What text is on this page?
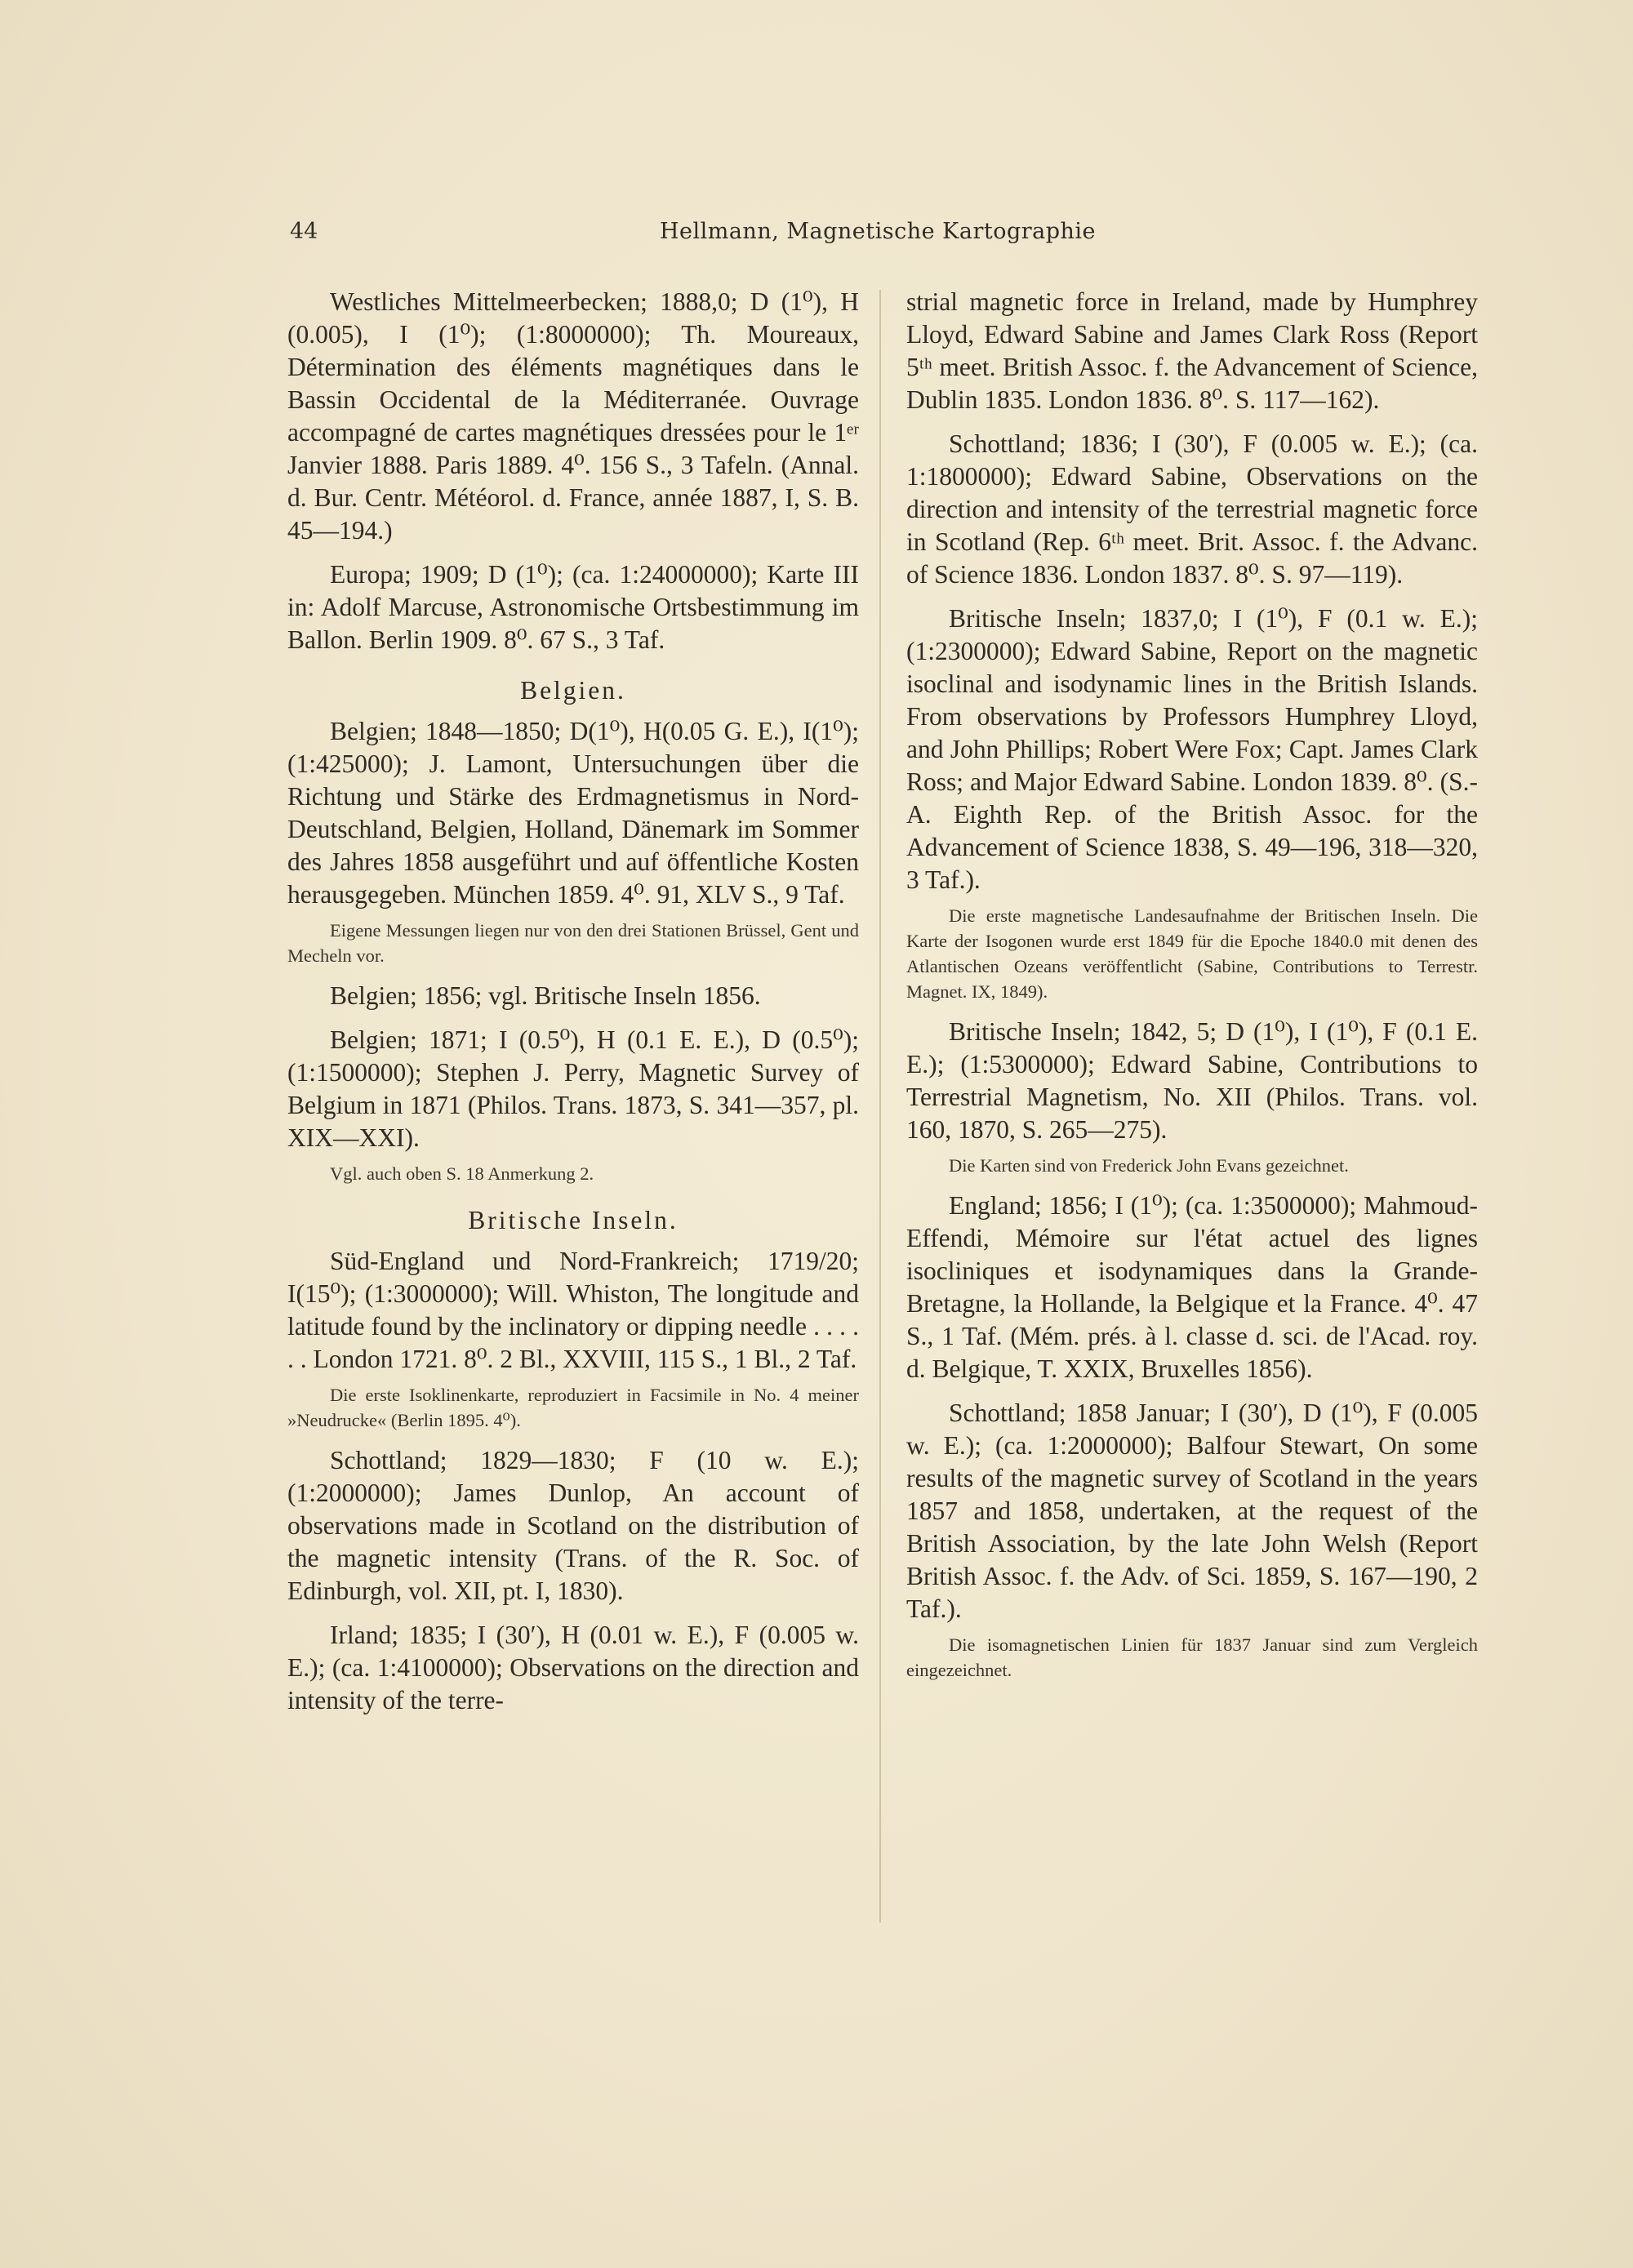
44	Hellmann, Magnetische Kartographie

Westliches Mittelmeerbecken; 1888,0; D (1⁰), H (0.005), I (1⁰); (1:8000000); Th. Moureaux, Détermination des éléments magnétiques dans le Bassin Occidental de la Méditerranée. Ouvrage accompagné de cartes magnétiques dressées pour le 1ᵉʳ Janvier 1888. Paris 1889. 4⁰. 156 S., 3 Tafeln. (Annal. d. Bur. Centr. Météorol. d. France, année 1887, I, S. B. 45—194.)

Europa; 1909; D (1⁰); (ca. 1:24000000); Karte III in: Adolf Marcuse, Astronomische Ortsbestimmung im Ballon. Berlin 1909. 8⁰. 67 S., 3 Taf.

Belgien.

Belgien; 1848—1850; D(1⁰), H(0.05 G. E.), I(1⁰); (1:425000); J. Lamont, Untersuchungen über die Richtung und Stärke des Erdmagnetismus in Nord-Deutschland, Belgien, Holland, Dänemark im Sommer des Jahres 1858 ausgeführt und auf öffentliche Kosten herausgegeben. München 1859. 4⁰. 91, XLV S., 9 Taf.

Eigene Messungen liegen nur von den drei Stationen Brüssel, Gent und Mecheln vor.

Belgien; 1856; vgl. Britische Inseln 1856.

Belgien; 1871; I (0.5⁰), H (0.1 E. E.), D (0.5⁰); (1:1500000); Stephen J. Perry, Magnetic Survey of Belgium in 1871 (Philos. Trans. 1873, S. 341—357, pl. XIX—XXI).

Vgl. auch oben S. 18 Anmerkung 2.

Britische Inseln.

Süd-England und Nord-Frankreich; 1719/20; I(15⁰); (1:3000000); Will. Whiston, The longitude and latitude found by the inclinatory or dipping needle . . . . . . London 1721. 8⁰. 2 Bl., XXVIII, 115 S., 1 Bl., 2 Taf.

Die erste Isoklinenkarte, reproduziert in Facsimile in No. 4 meiner »Neudrucke« (Berlin 1895. 4⁰).

Schottland; 1829—1830; F (10 w. E.); (1:2000000); James Dunlop, An account of observations made in Scotland on the distribution of the magnetic intensity (Trans. of the R. Soc. of Edinburgh, vol. XII, pt. I, 1830).

Irland; 1835; I (30′), H (0.01 w. E.), F (0.005 w. E.); (ca. 1:4100000); Observations on the direction and intensity of the terre-

strial magnetic force in Ireland, made by Humphrey Lloyd, Edward Sabine and James Clark Ross (Report 5ᵗʰ meet. British Assoc. f. the Advancement of Science, Dublin 1835. London 1836. 8⁰. S. 117—162).

Schottland; 1836; I (30′), F (0.005 w. E.); (ca. 1:1800000); Edward Sabine, Observations on the direction and intensity of the terrestrial magnetic force in Scotland (Rep. 6ᵗʰ meet. Brit. Assoc. f. the Advanc. of Science 1836. London 1837. 8⁰. S. 97—119).

Britische Inseln; 1837,0; I (1⁰), F (0.1 w. E.); (1:2300000); Edward Sabine, Report on the magnetic isoclinal and isodynamic lines in the British Islands. From observations by Professors Humphrey Lloyd, and John Phillips; Robert Were Fox; Capt. James Clark Ross; and Major Edward Sabine. London 1839. 8⁰. (S.-A. Eighth Rep. of the British Assoc. for the Advancement of Science 1838, S. 49—196, 318—320, 3 Taf.).

Die erste magnetische Landesaufnahme der Britischen Inseln. Die Karte der Isogonen wurde erst 1849 für die Epoche 1840.0 mit denen des Atlantischen Ozeans veröffentlicht (Sabine, Contributions to Terrestr. Magnet. IX, 1849).

Britische Inseln; 1842, 5; D (1⁰), I (1⁰), F (0.1 E. E.); (1:5300000); Edward Sabine, Contributions to Terrestrial Magnetism, No. XII (Philos. Trans. vol. 160, 1870, S. 265—275).

Die Karten sind von Frederick John Evans gezeichnet.

England; 1856; I (1⁰); (ca. 1:3500000); Mahmoud-Effendi, Mémoire sur l'état actuel des lignes isocliniques et isodynamiques dans la Grande-Bretagne, la Hollande, la Belgique et la France. 4⁰. 47 S., 1 Taf. (Mém. prés. à l. classe d. sci. de l'Acad. roy. d. Belgique, T. XXIX, Bruxelles 1856).

Schottland; 1858 Januar; I (30′), D (1⁰), F (0.005 w. E.); (ca. 1:2000000); Balfour Stewart, On some results of the magnetic survey of Scotland in the years 1857 and 1858, undertaken, at the request of the British Association, by the late John Welsh (Report British Assoc. f. the Adv. of Sci. 1859, S. 167—190, 2 Taf.).

Die isomagnetischen Linien für 1837 Januar sind zum Vergleich eingezeichnet.
